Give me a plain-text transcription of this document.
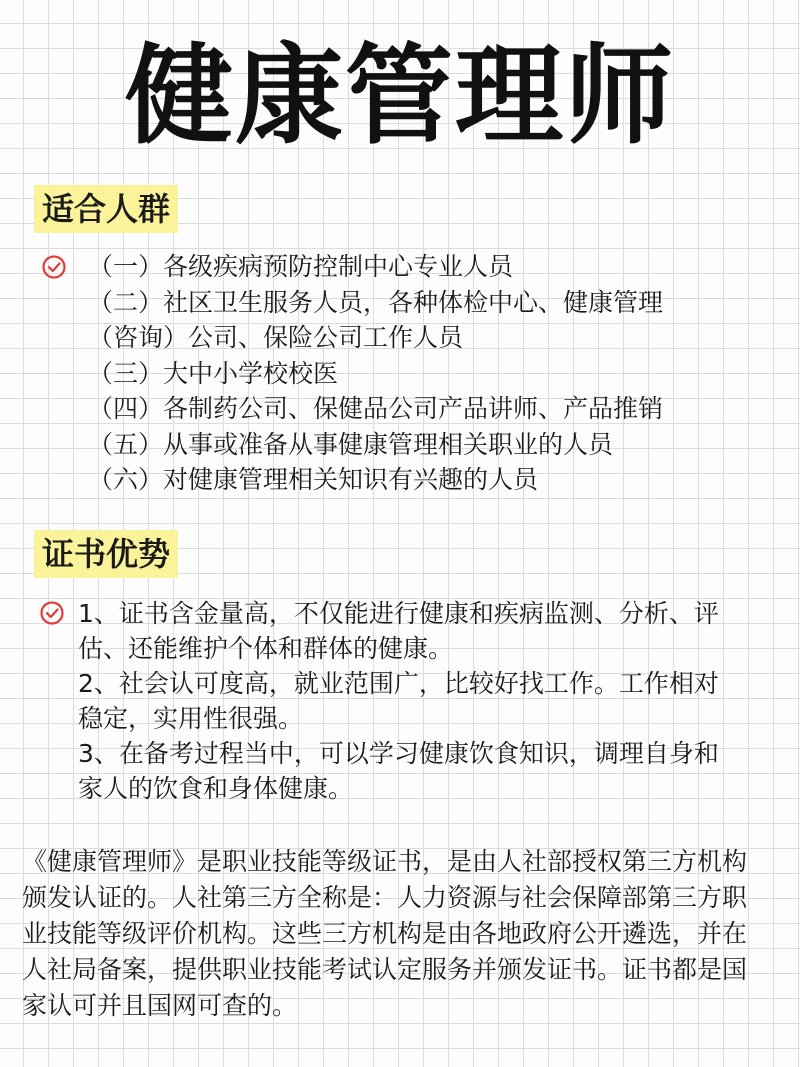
健康管理师
适合人群
（一）各级疾病预防控制中心专业人员
（二）社区卫生服务人员，各种体检中心、健康管理
（咨询）公司、保险公司工作人员
（三）大中小学校校医
（四）各制药公司、保健品公司产品讲师、产品推销
（五）从事或准备从事健康管理相关职业的人员
（六）对健康管理相关知识有兴趣的人员
证书优势
1、证书含金量高，不仅能进行健康和疾病监测、分析、评
估、还能维护个体和群体的健康。
2、社会认可度高，就业范围广，比较好找工作。工作相对
稳定，实用性很强。
3、在备考过程当中，可以学习健康饮食知识，调理自身和
家人的饮食和身体健康。
《健康管理师》是职业技能等级证书，是由人社部授权第三方机构
颁发认证的。人社第三方全称是：人力资源与社会保障部第三方职
业技能等级评价机构。这些三方机构是由各地政府公开遴选，并在
人社局备案，提供职业技能考试认定服务并颁发证书。证书都是国
家认可并且国网可查的。
